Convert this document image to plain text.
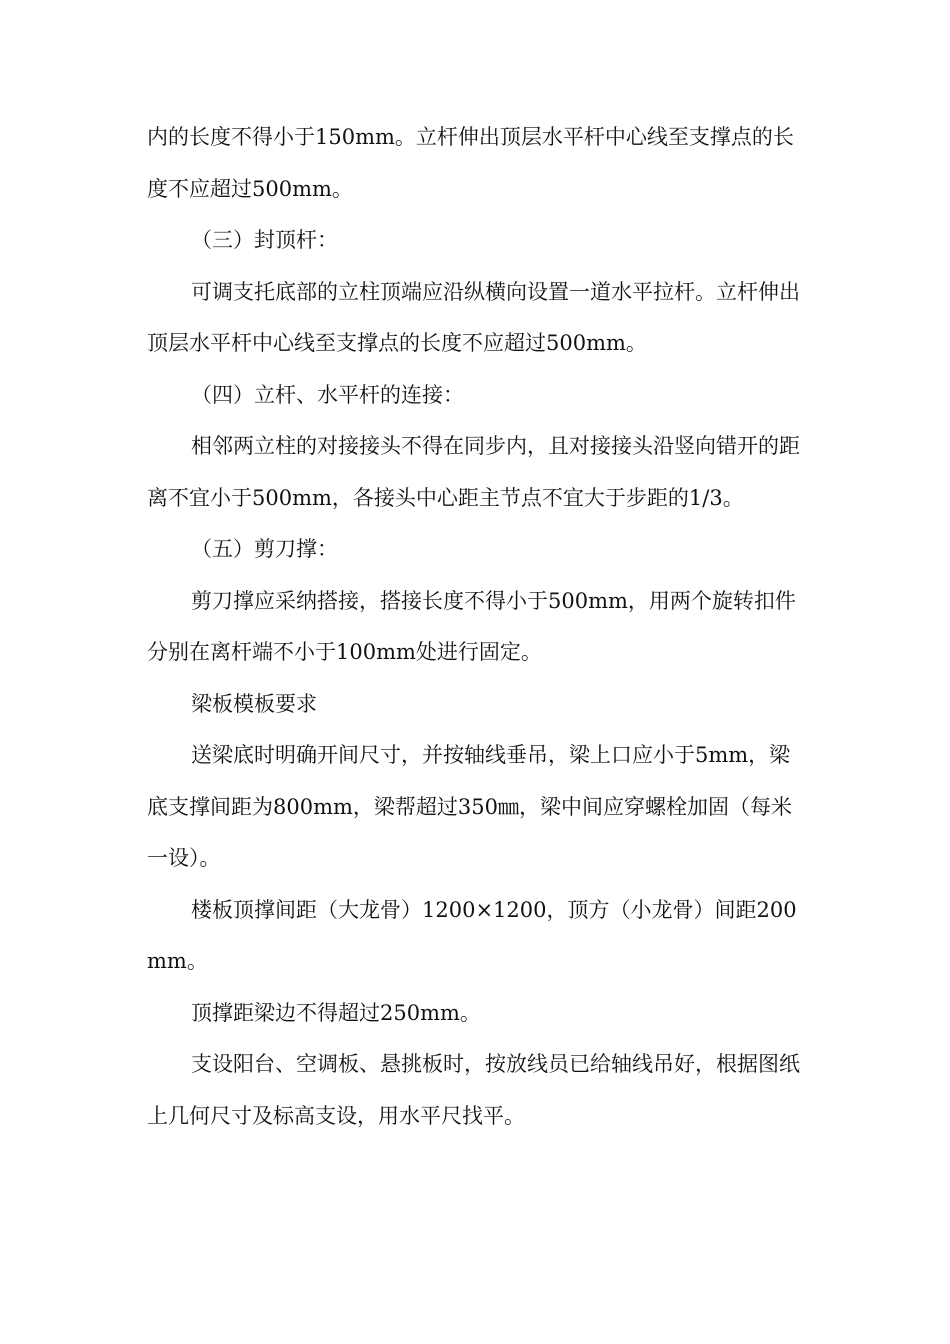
内的长度不得小于150mm。立杆伸出顶层水平杆中心线至支撑点的长度不应超过500mm。

（三）封顶杆：

可调支托底部的立柱顶端应沿纵横向设置一道水平拉杆。立杆伸出顶层水平杆中心线至支撑点的长度不应超过500mm。

（四）立杆、水平杆的连接：

相邻两立柱的对接接头不得在同步内，且对接接头沿竖向错开的距离不宜小于500mm，各接头中心距主节点不宜大于步距的1/3。

（五）剪刀撑：

剪刀撑应采纳搭接，搭接长度不得小于500mm，用两个旋转扣件分别在离杆端不小于100mm处进行固定。

梁板模板要求

送梁底时明确开间尺寸，并按轴线垂吊，梁上口应小于5mm，梁底支撑间距为800mm，梁帮超过350㎜，梁中间应穿螺栓加固（每米一设）。

楼板顶撑间距（大龙骨）1200×1200，顶方（小龙骨）间距200mm。

顶撑距梁边不得超过250mm。

支设阳台、空调板、悬挑板时，按放线员已给轴线吊好，根据图纸上几何尺寸及标高支设，用水平尺找平。
